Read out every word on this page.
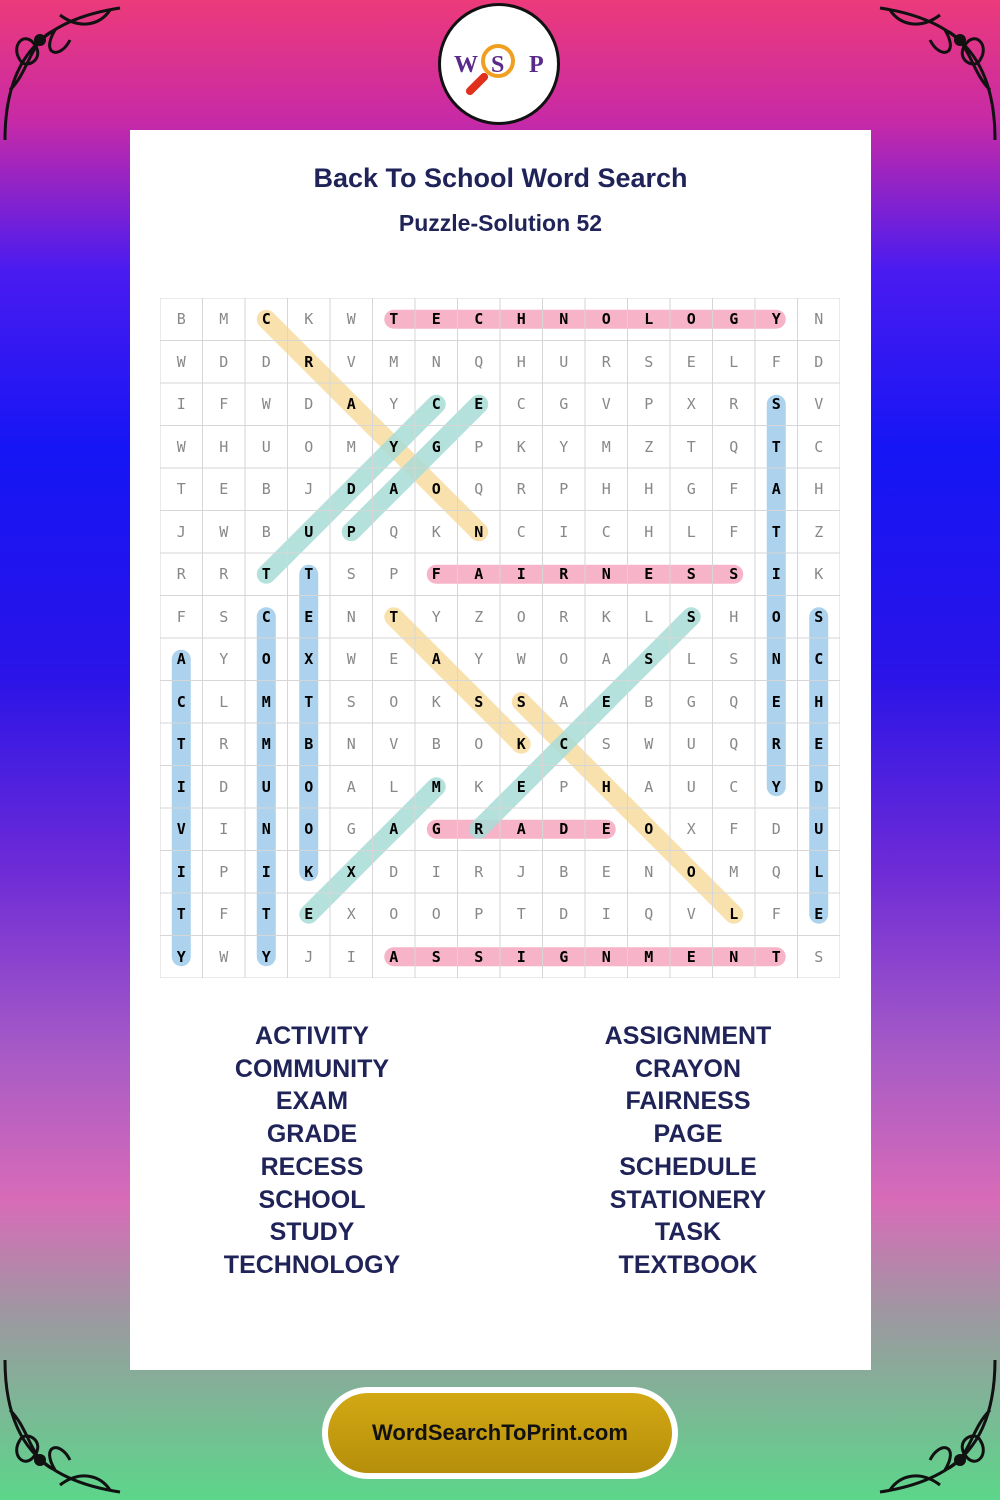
W S P
Back To School Word Search
Puzzle-Solution 52
B	M	C	K	W	T	E	C	H	N	O	L	O	G	Y	N
W	D	D	R	V	M	N	Q	H	U	R	S	E	L	F	D
I	F	W	D	A	Y	C	E	C	G	V	P	X	R	S	V
W	H	U	O	M	Y	G	P	K	Y	M	Z	T	Q	T	C
T	E	B	J	D	A	O	Q	R	P	H	H	G	F	A	H
J	W	B	U	P	Q	K	N	C	I	C	H	L	F	T	Z
R	R	T	T	S	P	F	A	I	R	N	E	S	S	I	K
F	S	C	E	N	T	Y	Z	O	R	K	L	S	H	O	S
A	Y	O	X	W	E	A	Y	W	O	A	S	L	S	N	C
C	L	M	T	S	O	K	S	S	A	E	B	G	Q	E	H
T	R	M	B	N	V	B	O	K	C	S	W	U	Q	R	E
I	D	U	O	A	L	M	K	E	P	H	A	U	C	Y	D
V	I	N	O	G	A	G	R	A	D	E	O	X	F	D	U
I	P	I	K	X	D	I	R	J	B	E	N	O	M	Q	L
T	F	T	E	X	O	O	P	T	D	I	Q	V	L	F	E
Y	W	Y	J	I	A	S	S	I	G	N	M	E	N	T	S
ACTIVITY
COMMUNITY
EXAM
GRADE
RECESS
SCHOOL
STUDY
TECHNOLOGY
ASSIGNMENT
CRAYON
FAIRNESS
PAGE
SCHEDULE
STATIONERY
TASK
TEXTBOOK
WordSearchToPrint.com
